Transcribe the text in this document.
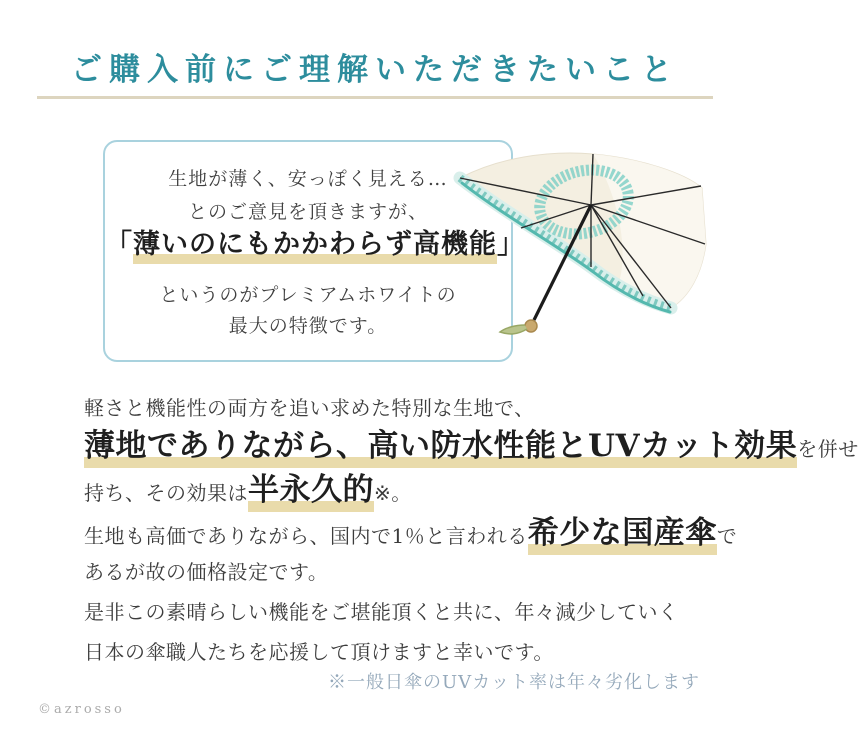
ご購入前にご理解いただきたいこと

生地が薄く、安っぽく見える…

とのご意見を頂きますが、

「薄いのにもかかわらず高機能」

というのがプレミアムホワイトの

最大の特徴です。

軽さと機能性の両方を追い求めた特別な生地で、

薄地でありながら、高い防水性能とUVカット効果を併せ

持ち、その効果は半永久的※。

生地も高価でありながら、国内で1％と言われる希少な国産傘で

あるが故の価格設定です。

是非この素晴らしい機能をご堪能頂くと共に、年々減少していく

日本の傘職人たちを応援して頂けますと幸いです。

※一般日傘のUVカット率は年々劣化します

©azrosso
